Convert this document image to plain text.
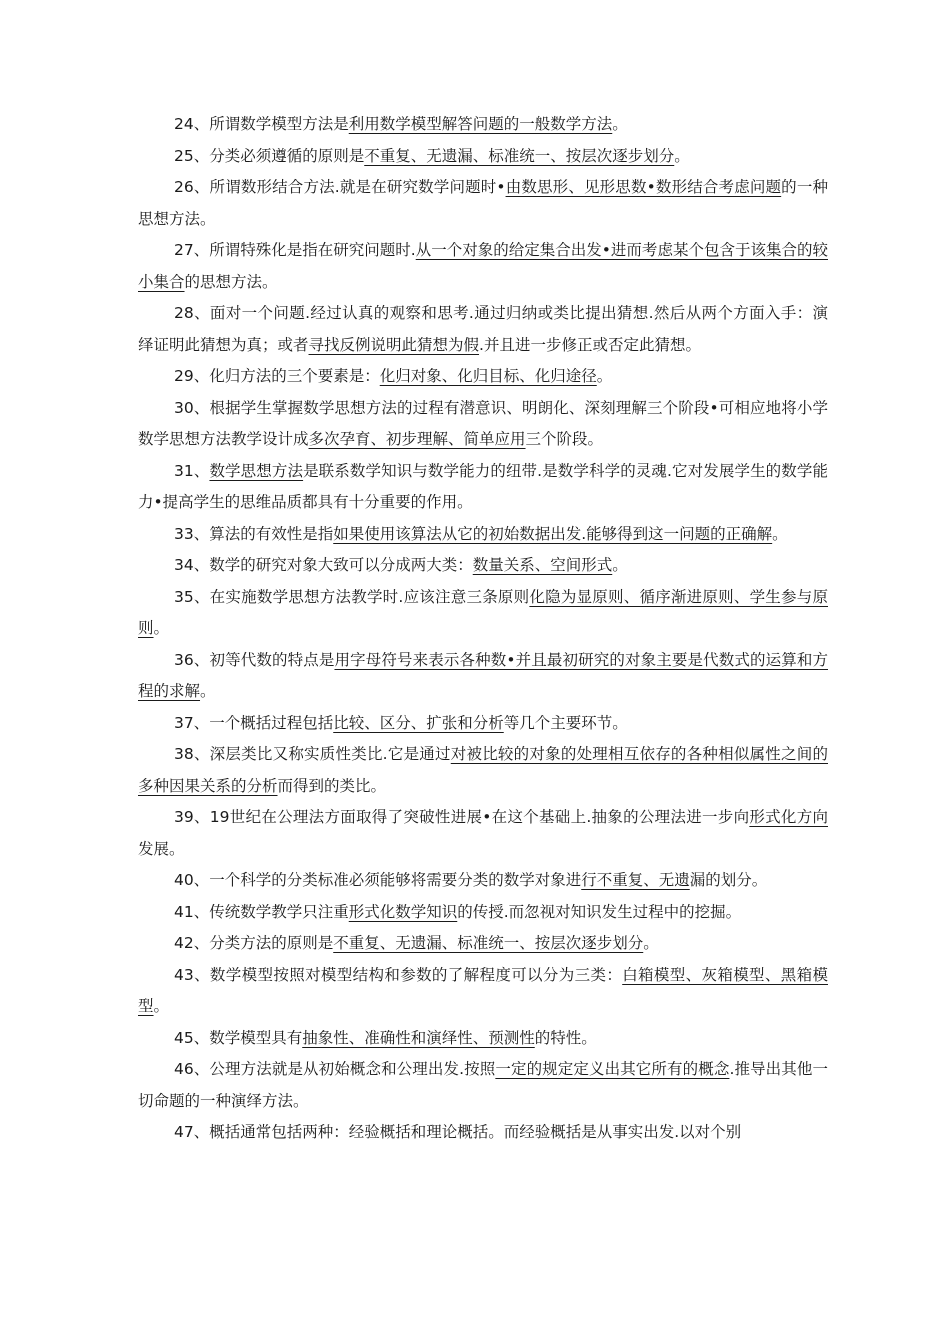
24、所谓数学模型方法是利用数学模型解答问题的一般数学方法。

25、分类必须遵循的原则是不重复、无遗漏、标准统一、按层次逐步划分。

26、所谓数形结合方法.就是在研究数学问题时•由数思形、见形思数•数形结合考虑问题的一种思想方法。

27、所谓特殊化是指在研究问题时.从一个对象的给定集合出发•进而考虑某个包含于该集合的较小集合的思想方法。

28、面对一个问题.经过认真的观察和思考.通过归纳或类比提出猜想.然后从两个方面入手：演绎证明此猜想为真；或者寻找反例说明此猜想为假.并且进一步修正或否定此猜想。

29、化归方法的三个要素是：化归对象、化归目标、化归途径。

30、根据学生掌握数学思想方法的过程有潜意识、明朗化、深刻理解三个阶段•可相应地将小学数学思想方法教学设计成多次孕育、初步理解、简单应用三个阶段。

31、数学思想方法是联系数学知识与数学能力的纽带.是数学科学的灵魂.它对发展学生的数学能力•提高学生的思维品质都具有十分重要的作用。

33、算法的有效性是指如果使用该算法从它的初始数据出发.能够得到这一问题的正确解。

34、数学的研究对象大致可以分成两大类：数量关系、空间形式。

35、在实施数学思想方法教学时.应该注意三条原则化隐为显原则、循序渐进原则、学生参与原则。

36、初等代数的特点是用字母符号来表示各种数•并且最初研究的对象主要是代数式的运算和方程的求解。

37、一个概括过程包括比较、区分、扩张和分析等几个主要环节。

38、深层类比又称实质性类比.它是通过对被比较的对象的处理相互依存的各种相似属性之间的多种因果关系的分析而得到的类比。

39、19世纪在公理法方面取得了突破性进展•在这个基础上.抽象的公理法进一步向形式化方向发展。

40、一个科学的分类标准必须能够将需要分类的数学对象进行不重复、无遗漏的划分。

41、传统数学教学只注重形式化数学知识的传授.而忽视对知识发生过程中的挖掘。

42、分类方法的原则是不重复、无遗漏、标准统一、按层次逐步划分。

43、数学模型按照对模型结构和参数的了解程度可以分为三类：白箱模型、灰箱模型、黑箱模型。

45、数学模型具有抽象性、准确性和演绎性、预测性的特性。

46、公理方法就是从初始概念和公理出发.按照一定的规定定义出其它所有的概念.推导出其他一切命题的一种演绎方法。

47、概括通常包括两种：经验概括和理论概括。而经验概括是从事实出发.以对个别
